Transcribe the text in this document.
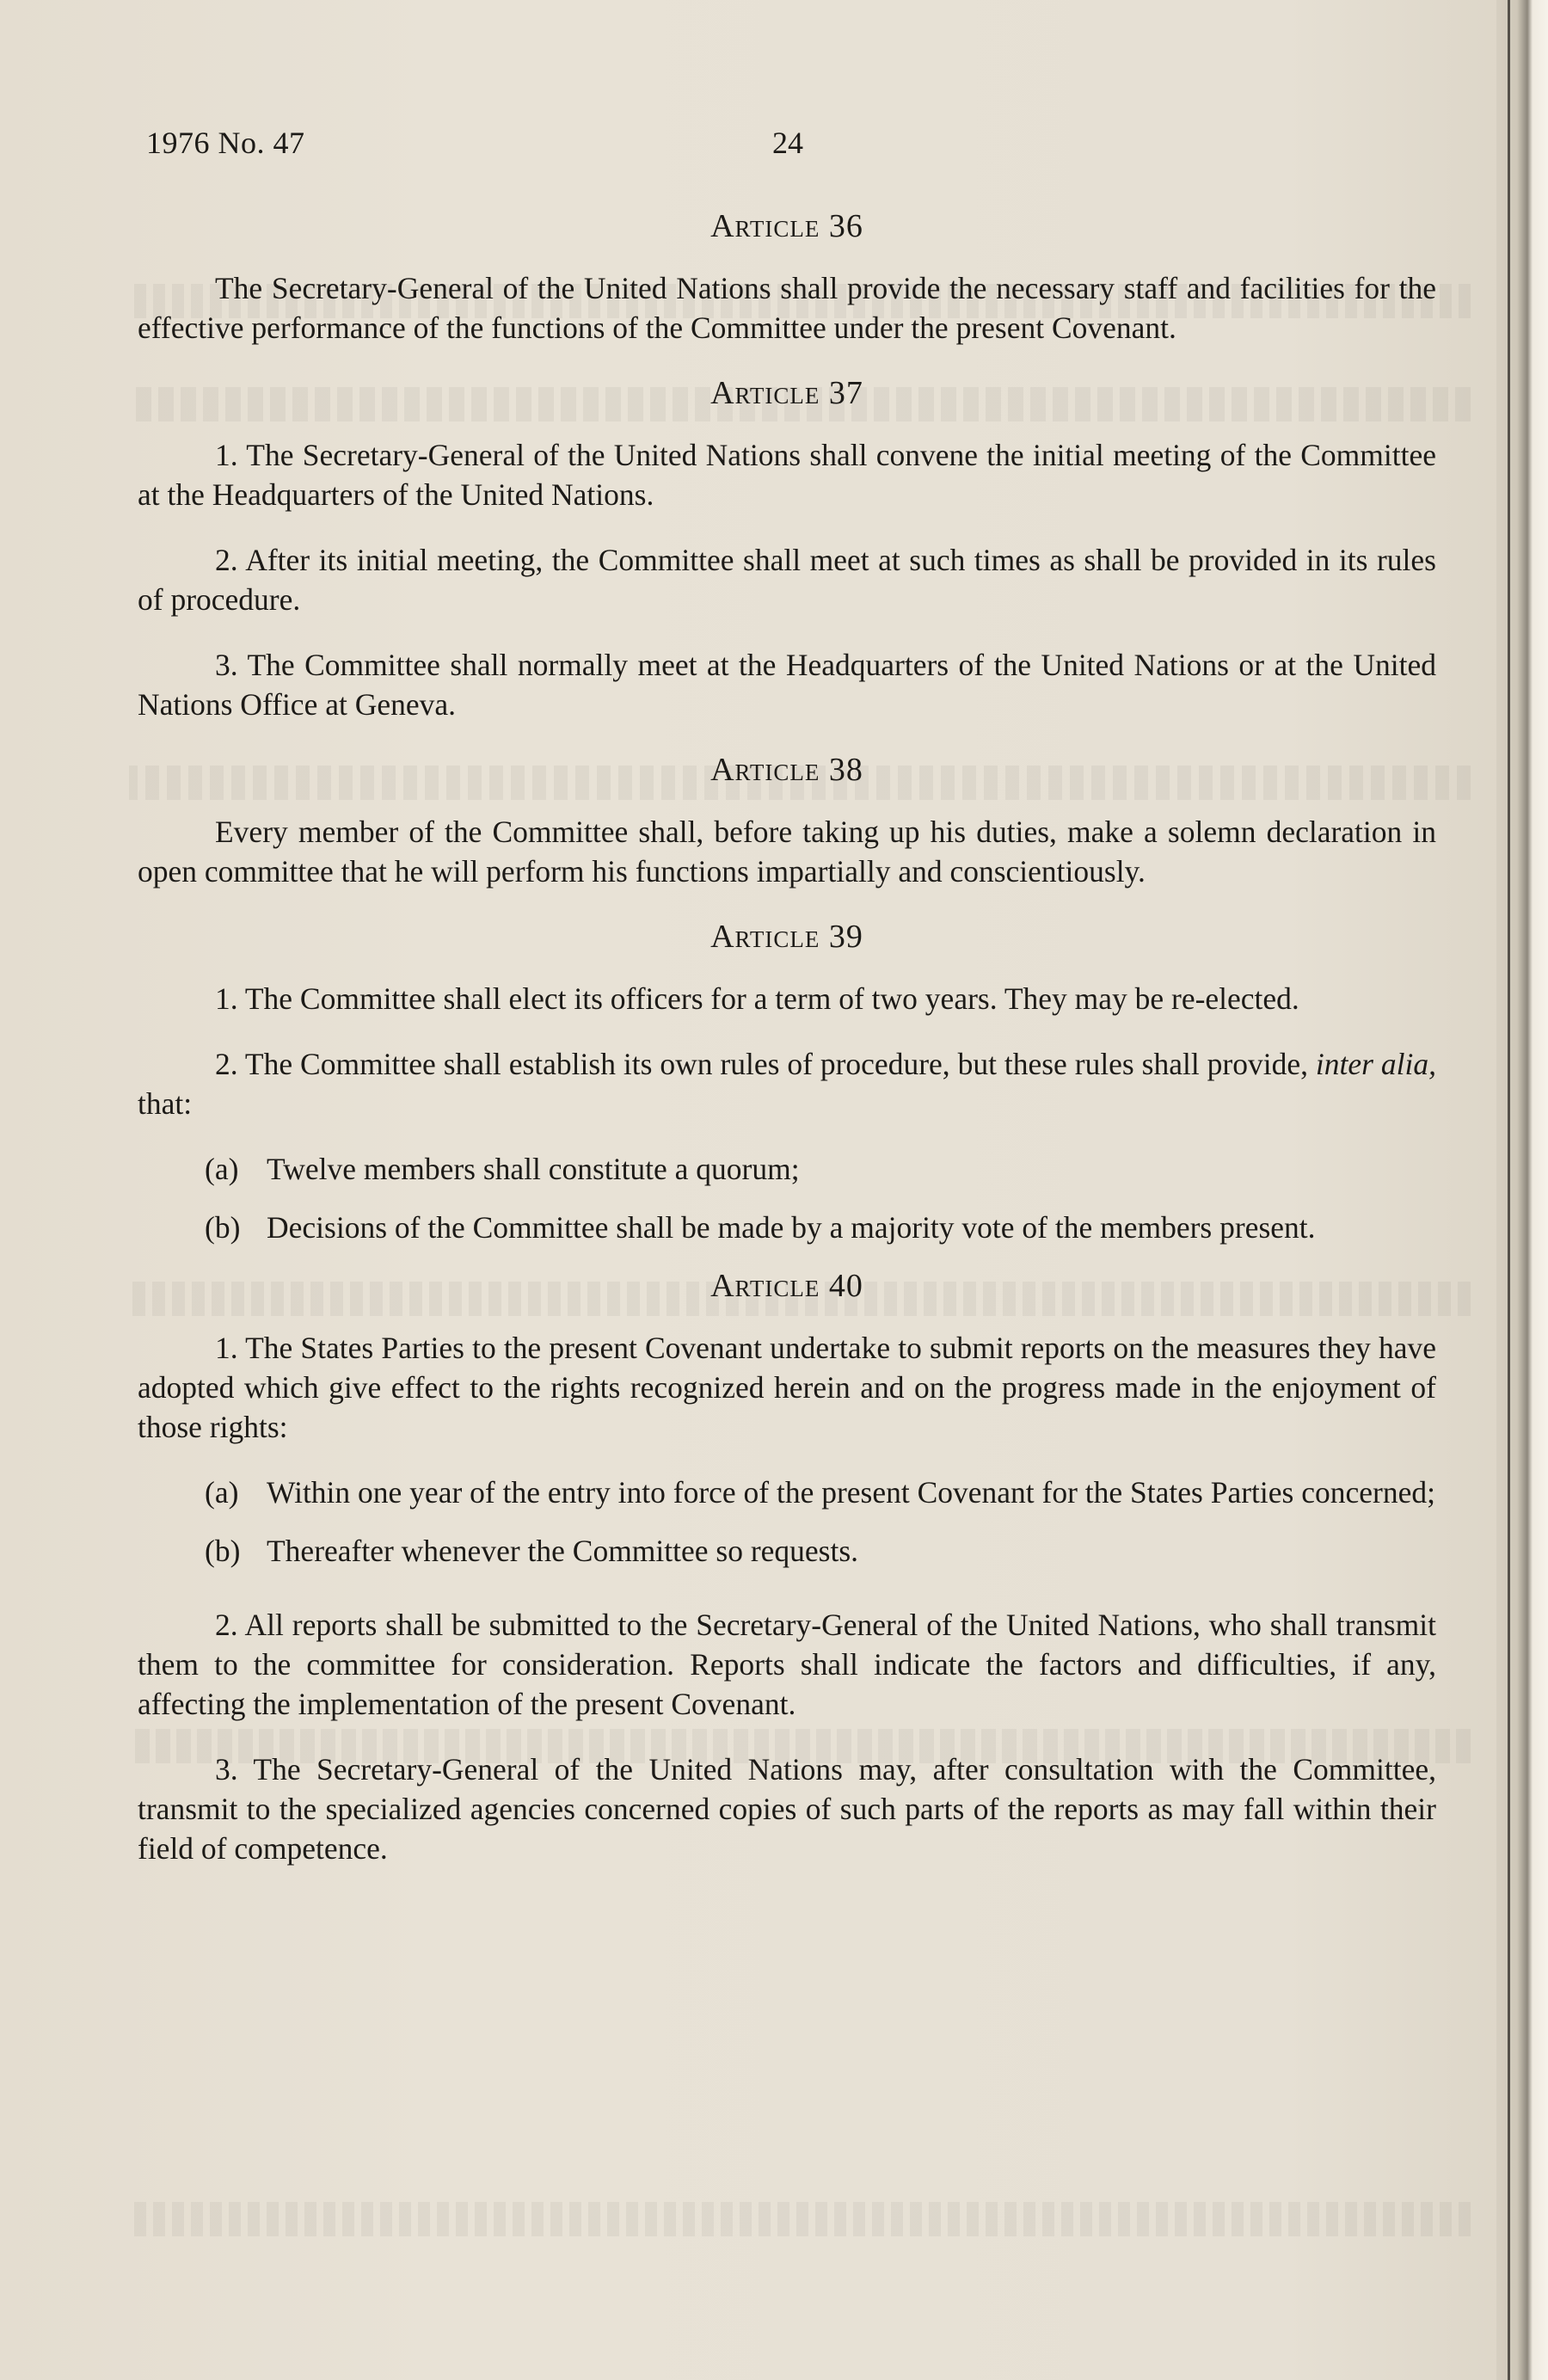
1976 No. 47	24
Article 36

The Secretary-General of the United Nations shall provide the necessary staff and facilities for the effective performance of the functions of the Committee under the present Covenant.

Article 37

1. The Secretary-General of the United Nations shall convene the initial meeting of the Committee at the Headquarters of the United Nations.

2. After its initial meeting, the Committee shall meet at such times as shall be provided in its rules of procedure.

3. The Committee shall normally meet at the Headquarters of the United Nations or at the United Nations Office at Geneva.

Article 38

Every member of the Committee shall, before taking up his duties, make a solemn declaration in open committee that he will perform his functions impartially and conscientiously.

Article 39

1. The Committee shall elect its officers for a term of two years. They may be re-elected.

2. The Committee shall establish its own rules of procedure, but these rules shall provide, inter alia, that:

(a) Twelve members shall constitute a quorum;
(b) Decisions of the Committee shall be made by a majority vote of the members present.
Article 40

1. The States Parties to the present Covenant undertake to submit reports on the measures they have adopted which give effect to the rights recognized herein and on the progress made in the enjoyment of those rights:

(a) Within one year of the entry into force of the present Covenant for the States Parties concerned;
(b) Thereafter whenever the Committee so requests.

2. All reports shall be submitted to the Secretary-General of the United Nations, who shall transmit them to the committee for consideration. Reports shall indicate the factors and difficulties, if any, affecting the implementation of the present Covenant.

3. The Secretary-General of the United Nations may, after consultation with the Committee, transmit to the specialized agencies concerned copies of such parts of the reports as may fall within their field of competence.
